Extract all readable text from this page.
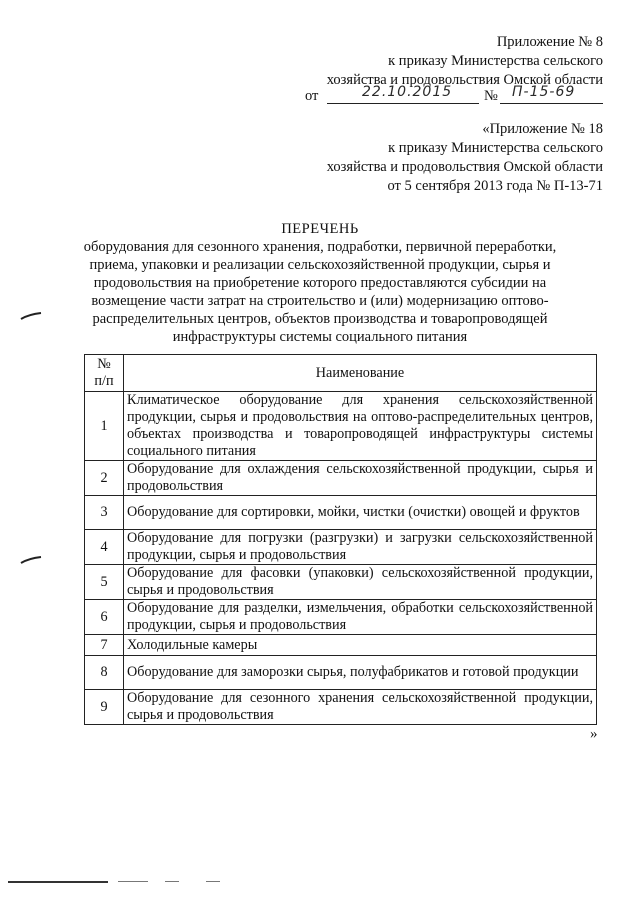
Приложение № 8
к приказу Министерства сельского
хозяйства и продовольствия Омской области
от	22.10.2015 № П-15-69
«Приложение № 18
к приказу Министерства сельского
хозяйства и продовольствия Омской области
от 5 сентября 2013 года № П-13-71
ПЕРЕЧЕНЬ
оборудования для сезонного хранения, подработки, первичной переработки,
приема, упаковки и реализации сельскохозяйственной продукции, сырья и
продовольствия на приобретение которого предоставляются субсидии на
возмещение части затрат на строительство и (или) модернизацию оптово-
распределительных центров, объектов производства и товаропроводящей
инфраструктуры системы социального питания
№
п/п	Наименование
1	Климатическое оборудование для хранения сельскохозяйственной продукции, сырья и продовольствия на оптово-распределительных центров, объектах производства и товаропроводящей инфраструктуры системы социального питания
2	Оборудование для охлаждения сельскохозяйственной продукции, сырья и продовольствия
3	Оборудование для сортировки, мойки, чистки (очистки) овощей и фруктов
4	Оборудование для погрузки (разгрузки) и загрузки сельскохозяйственной продукции, сырья и продовольствия
5	Оборудование для фасовки (упаковки) сельскохозяйственной продукции, сырья и продовольствия
6	Оборудование для разделки, измельчения, обработки сельскохозяйственной продукции, сырья и продовольствия
7	Холодильные камеры
8	Оборудование для заморозки сырья, полуфабрикатов и готовой продукции
9	Оборудование для сезонного хранения сельскохозяйственной продукции, сырья и продовольствия
»
